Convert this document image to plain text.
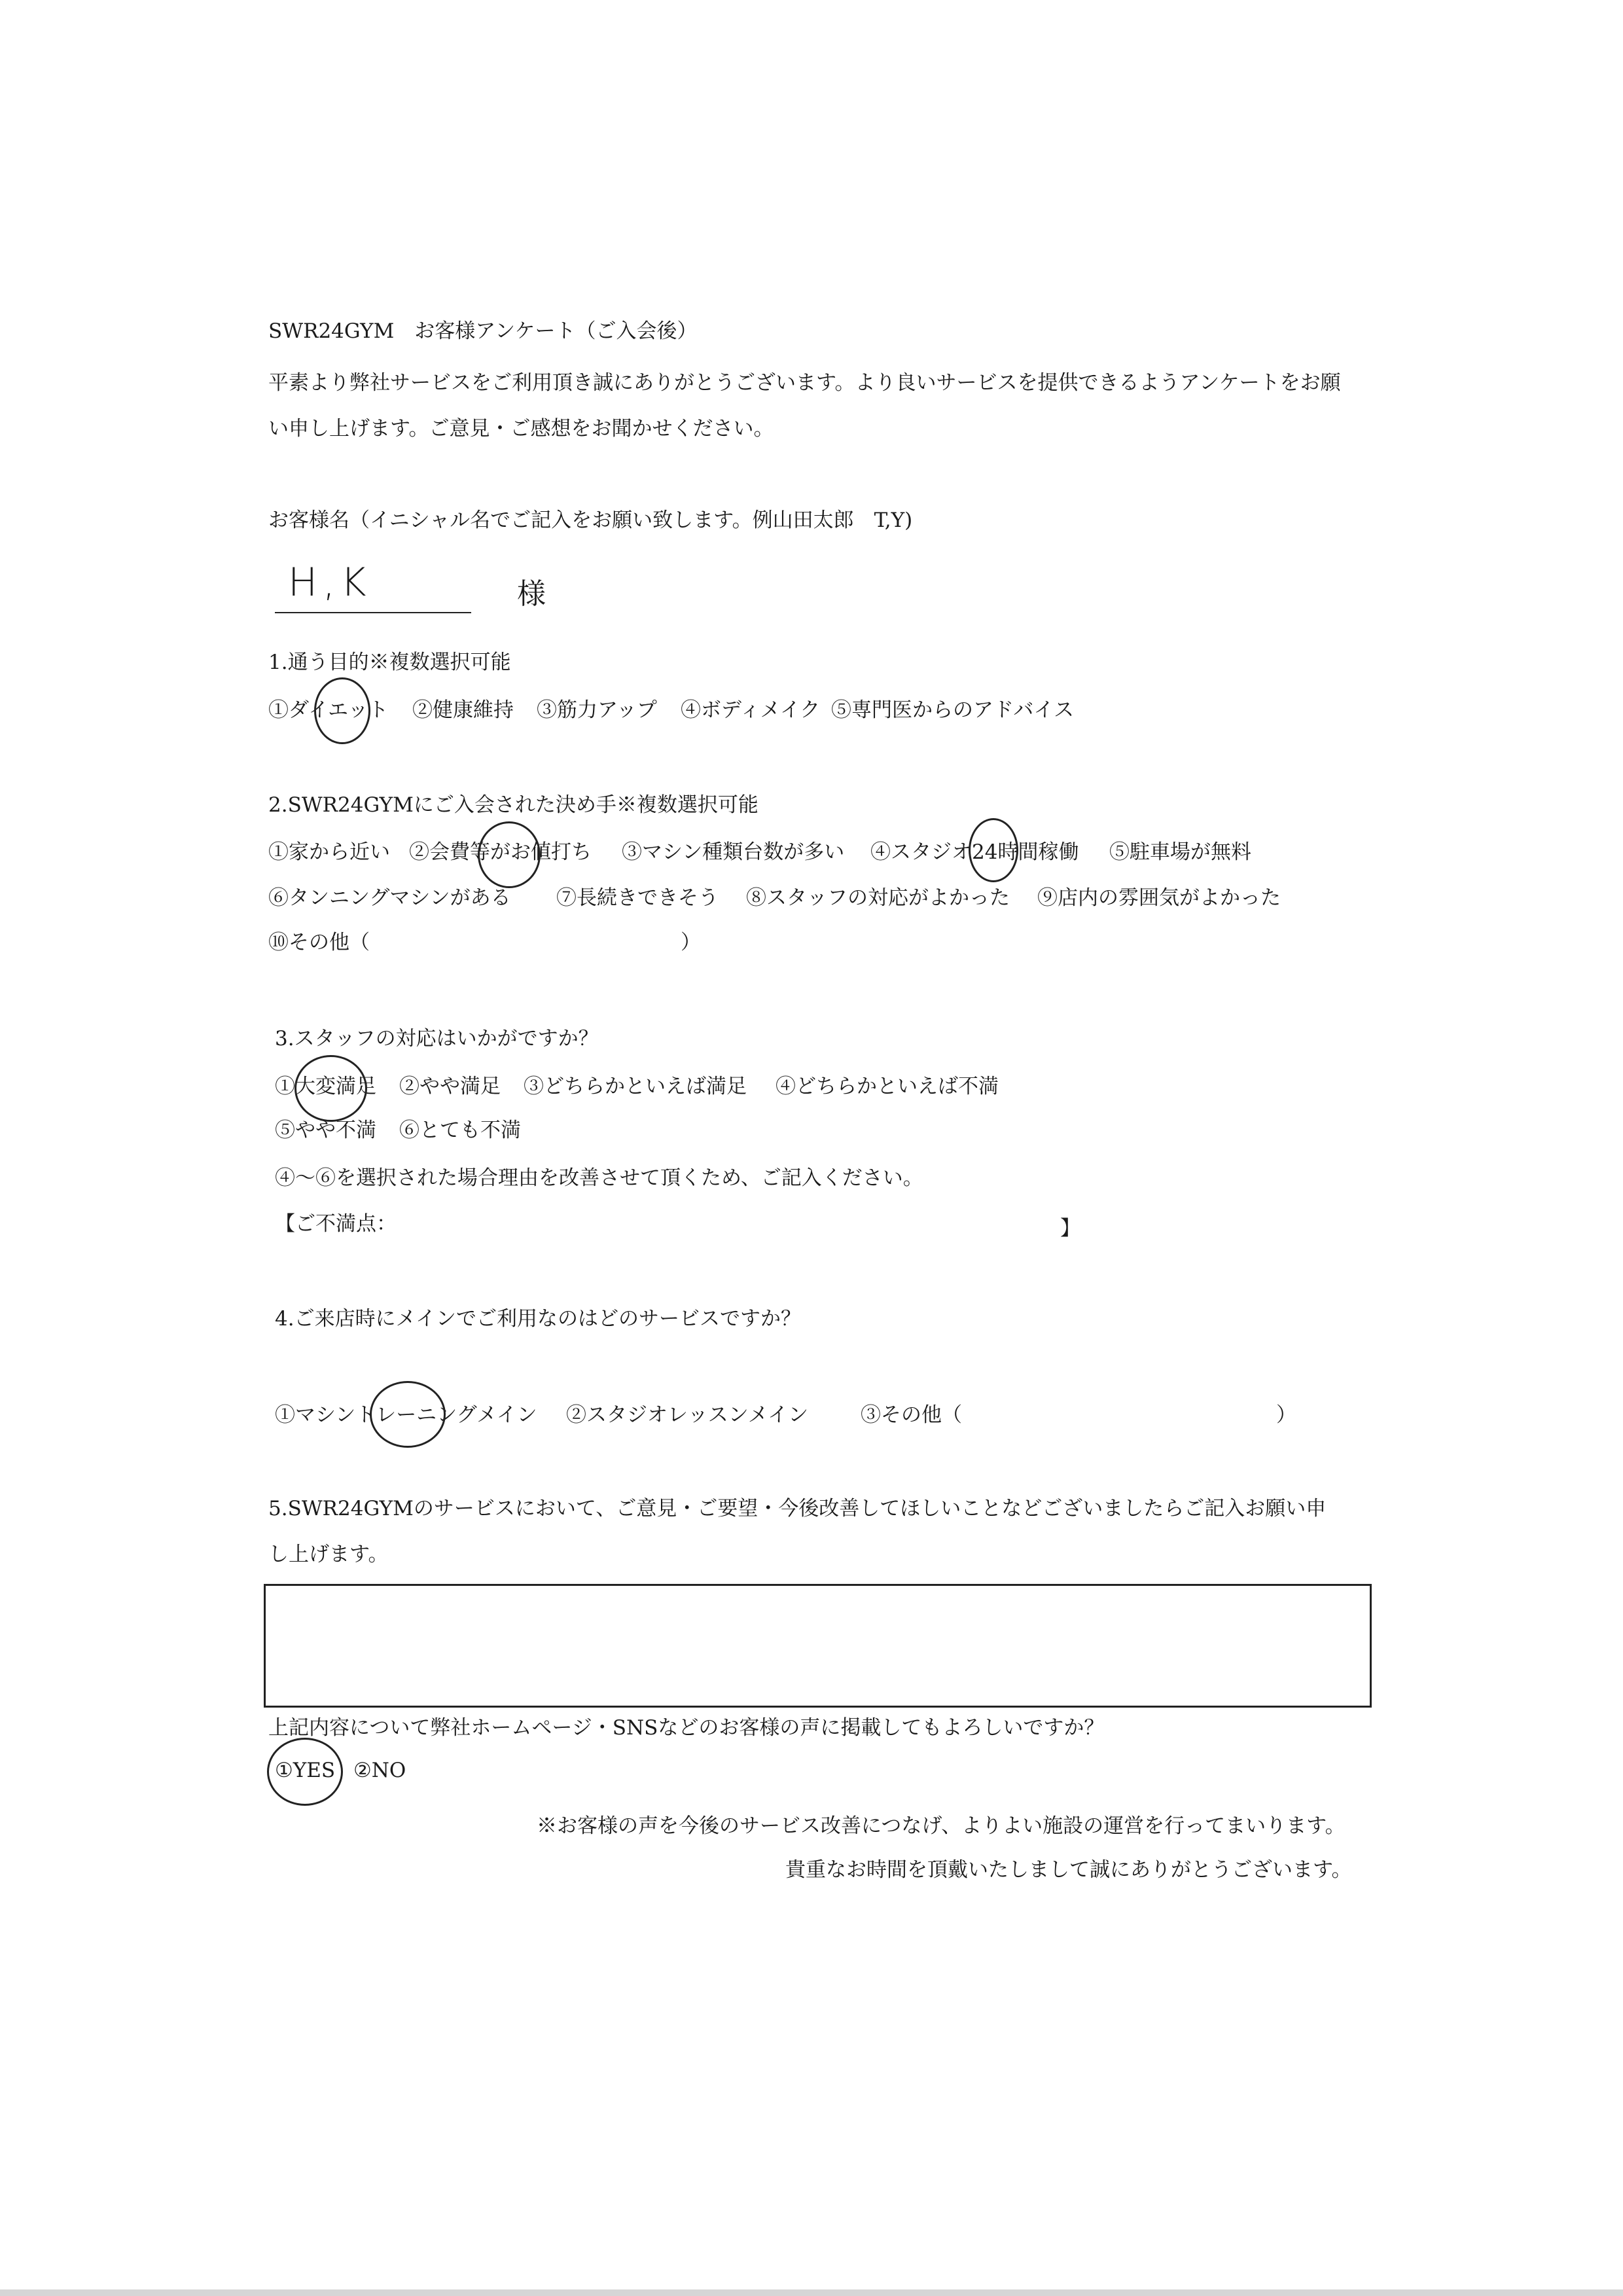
SWR24GYM　お客様アンケート（ご入会後）
平素より弊社サービスをご利用頂き誠にありがとうございます。より良いサービスを提供できるようアンケートをお願
い申し上げます。ご意見・ご感想をお聞かせください。
お客様名（イニシャル名でご記入をお願い致します。例山田太郎　T,Y)
H,K	様
1.通う目的※複数選択可能
①ダイエット ②健康維持 ③筋力アップ ④ボディメイク ⑤専門医からのアドバイス
2.SWR24GYMにご入会された決め手※複数選択可能
①家から近い ②会費等がお値打ち ③マシン種類台数が多い ④スタジオ24時間稼働 ⑤駐車場が無料
⑥タンニングマシンがある ⑦長続きできそう ⑧スタッフの対応がよかった ⑨店内の雰囲気がよかった
⑩その他（	）
3.スタッフの対応はいかがですか？
①大変満足 ②やや満足 ③どちらかといえば満足 ④どちらかといえば不満
⑤やや不満 ⑥とても不満
④～⑥を選択された場合理由を改善させて頂くため、ご記入ください。
【ご不満点：	】
4.ご来店時にメインでご利用なのはどのサービスですか？
①マシントレーニングメイン ②スタジオレッスンメイン	③その他（	）
5.SWR24GYMのサービスにおいて、ご意見・ご要望・今後改善してほしいことなどございましたらご記入お願い申
し上げます。
上記内容について弊社ホームページ・SNSなどのお客様の声に掲載してもよろしいですか？
①YES ②NO
※お客様の声を今後のサービス改善につなげ、よりよい施設の運営を行ってまいります。
貴重なお時間を頂戴いたしまして誠にありがとうございます。
